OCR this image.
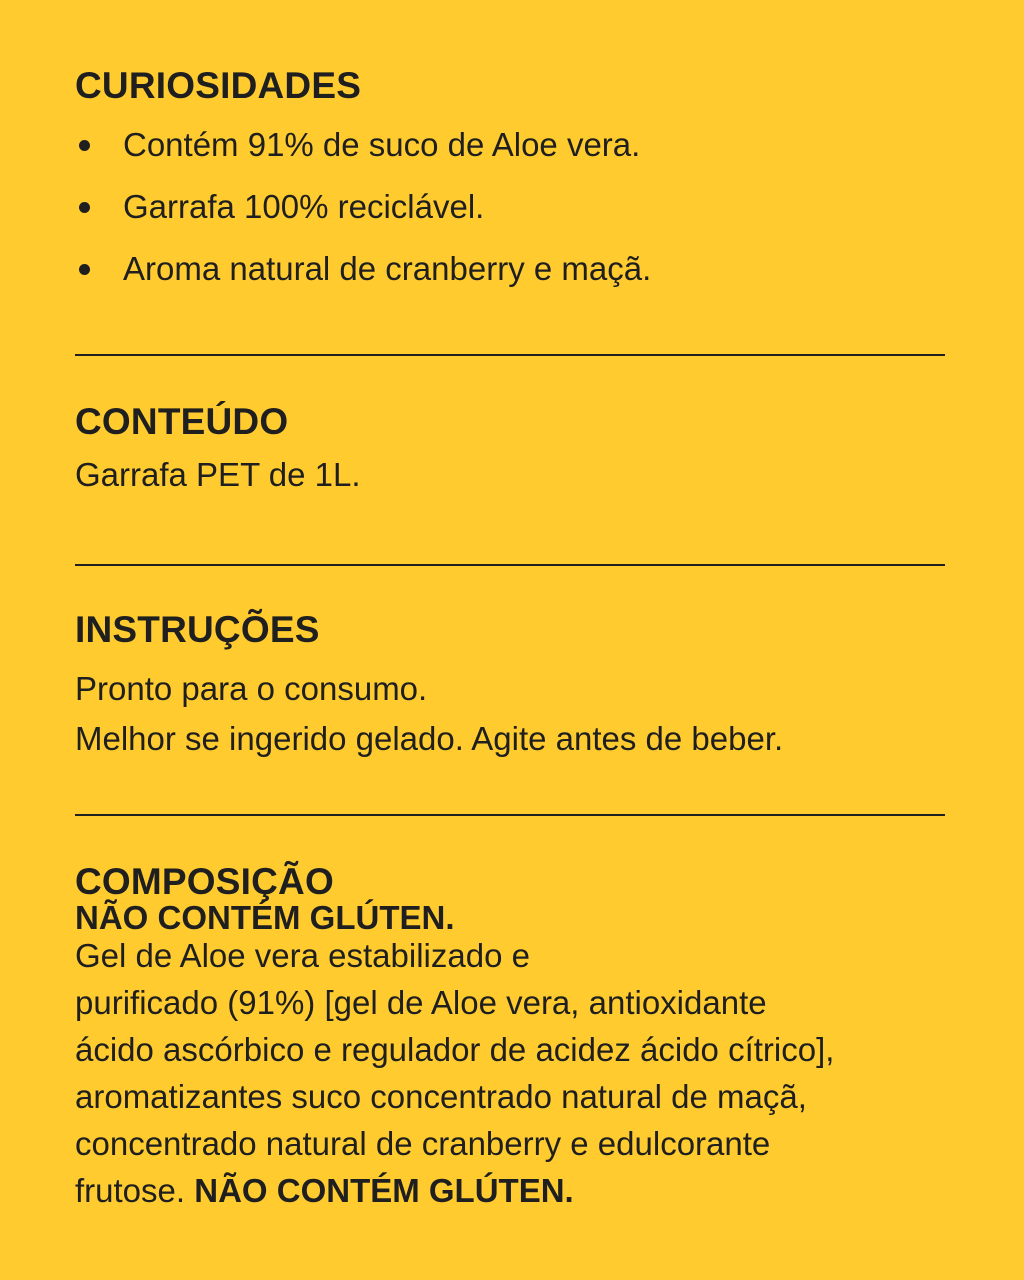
CURIOSIDADES
Contém 91% de suco de Aloe vera.
Garrafa 100% reciclável.
Aroma natural de cranberry e maçã.
CONTEÚDO

Garrafa PET de 1L.

INSTRUÇÕES

Pronto para o consumo.

Melhor se ingerido gelado. Agite antes de beber.

COMPOSIÇÃO

NÃO CONTÉM GLÚTEN.

Gel de Aloe vera estabilizado e

purificado (91%) [gel de Aloe vera, antioxidante

ácido ascórbico e regulador de acidez ácido cítrico],

aromatizantes suco concentrado natural de maçã,

concentrado natural de cranberry e edulcorante

frutose. NÃO CONTÉM GLÚTEN.
